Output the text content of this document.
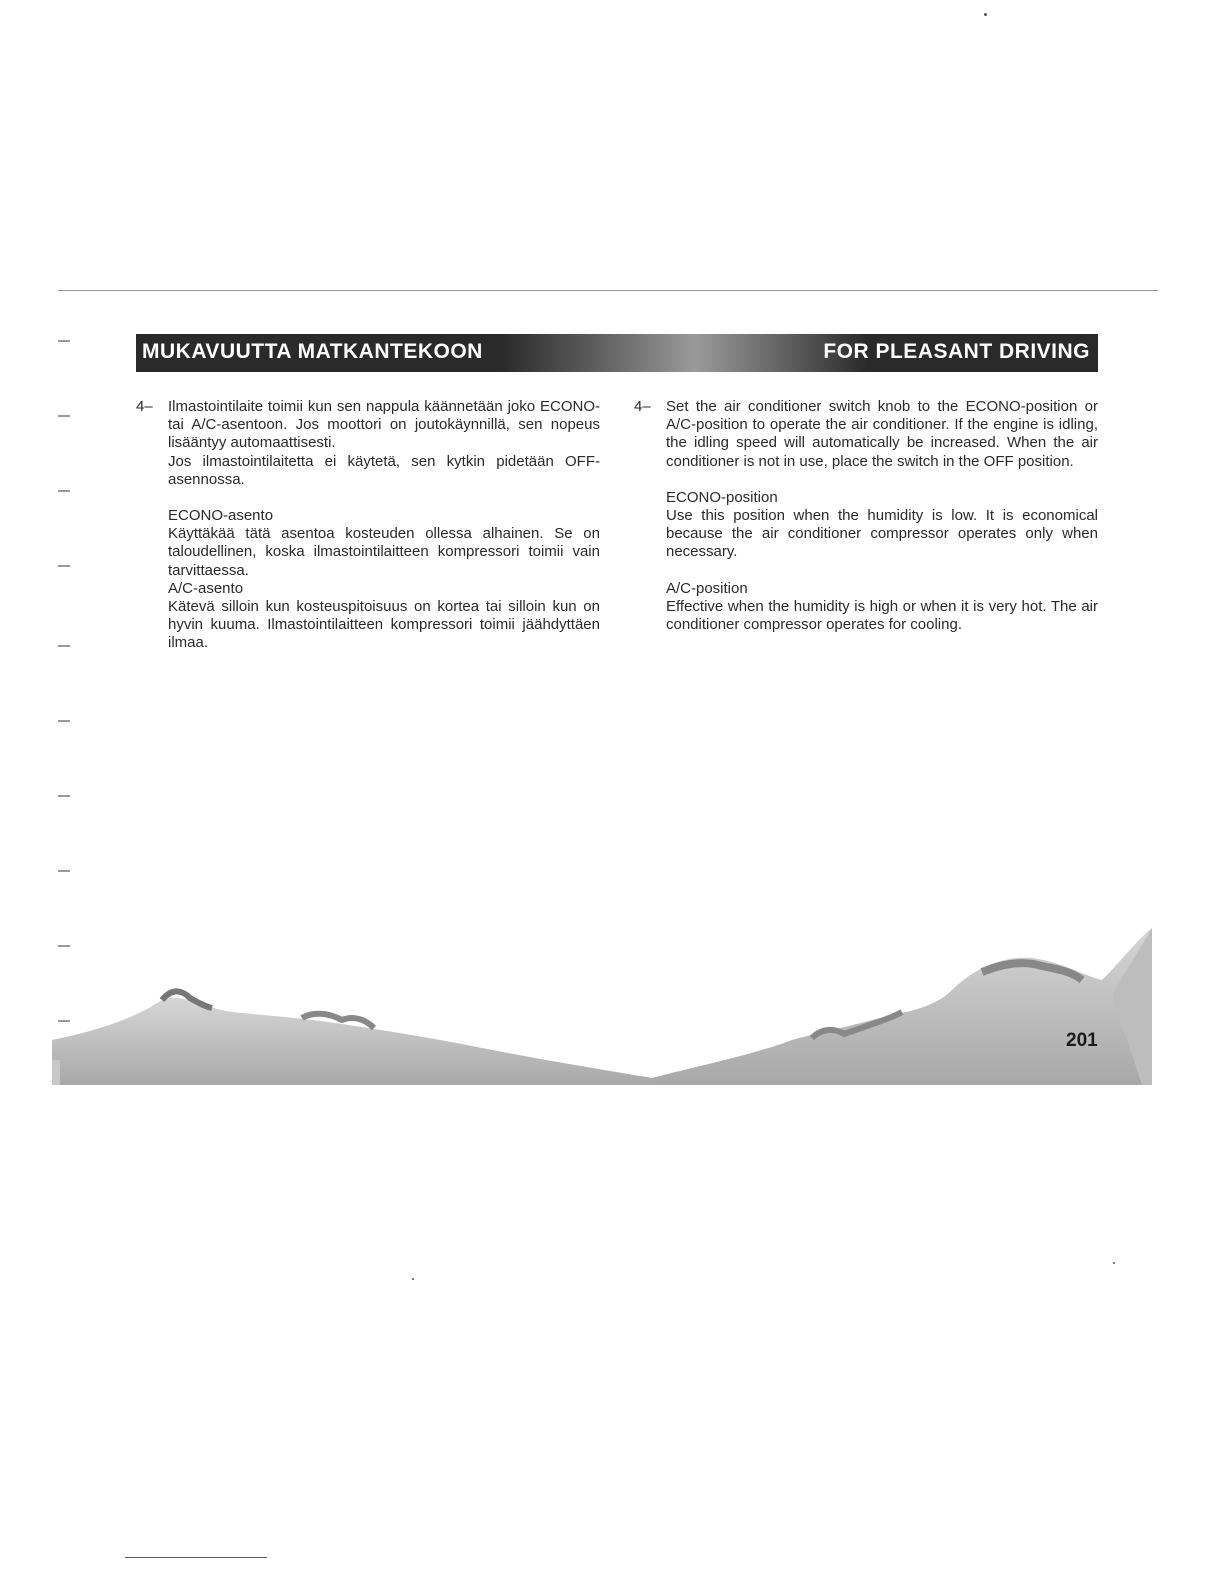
MUKAVUUTTA MATKANTEKOON	FOR PLEASANT DRIVING
4– Ilmastointilaite toimii kun sen nappula käännetään joko ECONO- tai A/C-asentoon. Jos moottori on joutokäynnillä, sen nopeus lisääntyy automaattisesti.

Jos ilmastointilaitetta ei käytetä, sen kytkin pidetään OFF-asennossa.

ECONO-asento

Käyttäkää tätä asentoa kosteuden ollessa alhainen. Se on taloudellinen, koska ilmastointilaitteen kompressori toimii vain tarvittaessa.

A/C-asento

Kätevä silloin kun kosteuspitoisuus on kortea tai silloin kun on hyvin kuuma. Ilmastointilaitteen kompressori toimii jäähdyttäen ilmaa.

4– Set the air conditioner switch knob to the ECONO-position or A/C-position to operate the air conditioner. If the engine is idling, the idling speed will automatically be increased. When the air conditioner is not in use, place the switch in the OFF position.

ECONO-position

Use this position when the humidity is low. It is economical because the air conditioner compressor operates only when necessary.

A/C-position

Effective when the humidity is high or when it is very hot. The air conditioner compressor operates for cooling.

201
